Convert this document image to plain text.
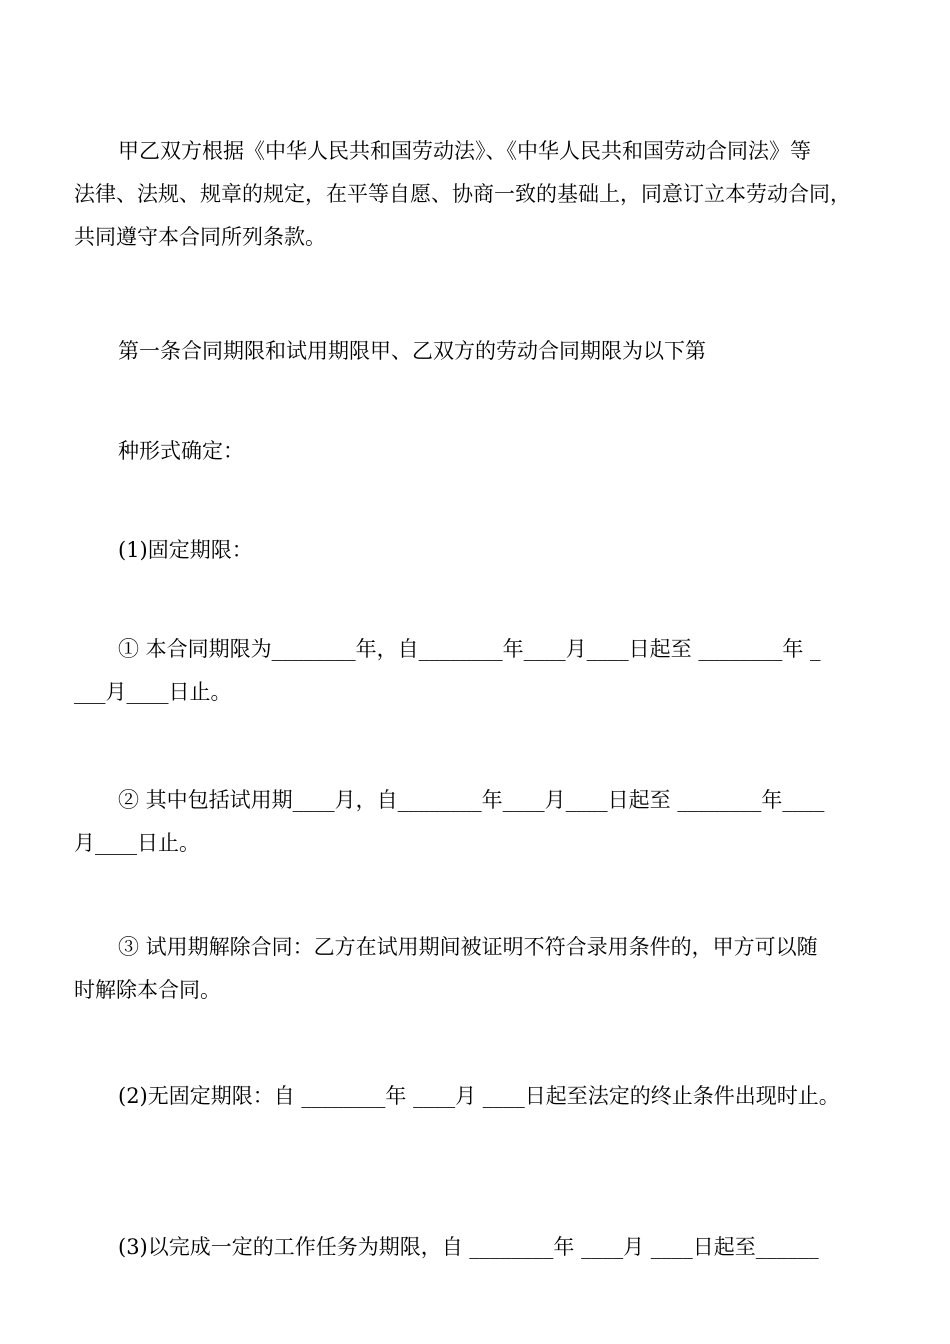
甲乙双方根据《中华人民共和国劳动法》、《中华人民共和国劳动合同法》等
法律、法规、规章的规定，在平等自愿、协商一致的基础上，同意订立本劳动合同，
共同遵守本合同所列条款。
第一条合同期限和试用期限甲、乙双方的劳动合同期限为以下第
种形式确定：
(1)固定期限：
① 本合同期限为________年，自________年____月____日起至 ________年 _
___月____日止。
② 其中包括试用期____月，自________年____月____日起至 ________年____
月____日止。
③ 试用期解除合同：乙方在试用期间被证明不符合录用条件的，甲方可以随
时解除本合同。
(2)无固定期限：自 ________年 ____月 ____日起至法定的终止条件出现时止。
(3)以完成一定的工作任务为期限，自 ________年 ____月 ____日起至______
